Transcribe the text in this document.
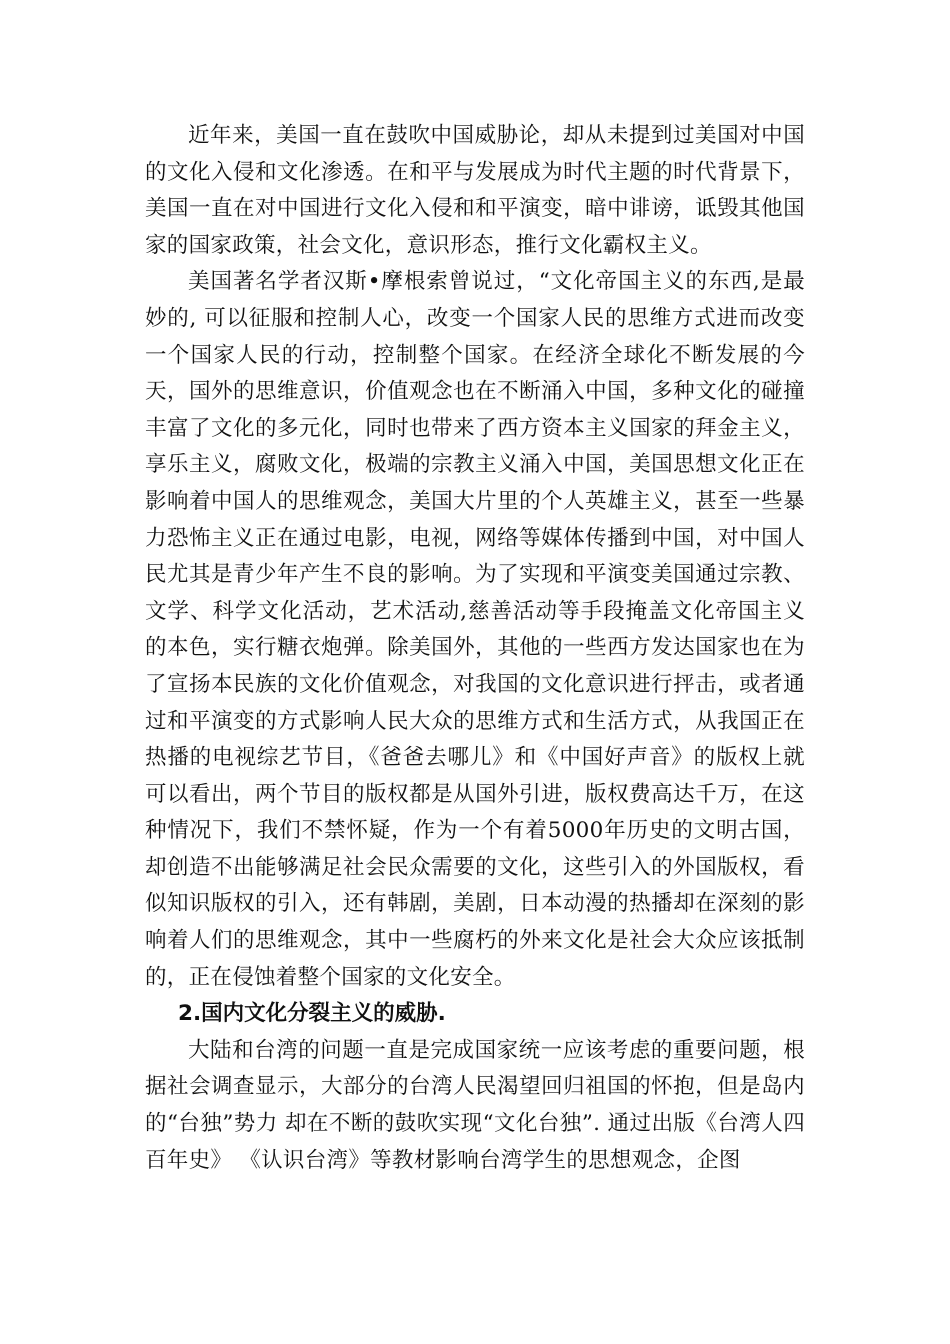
近年来，美国一直在鼓吹中国威胁论，却从未提到过美国对中国的文化入侵和文化渗透。在和平与发展成为时代主题的时代背景下，美国一直在对中国进行文化入侵和和平演变，暗中诽谤，诋毁其他国家的国家政策，社会文化，意识形态，推行文化霸权主义。

美国著名学者汉斯•摩根索曾说过，“文化帝国主义的东西,是最妙的, 可以征服和控制人心，改变一个国家人民的思维方式进而改变一个国家人民的行动，控制整个国家。在经济全球化不断发展的今天，国外的思维意识，价值观念也在不断涌入中国，多种文化的碰撞丰富了文化的多元化，同时也带来了西方资本主义国家的拜金主义，享乐主义，腐败文化，极端的宗教主义涌入中国，美国思想文化正在影响着中国人的思维观念，美国大片里的个人英雄主义，甚至一些暴力恐怖主义正在通过电影，电视，网络等媒体传播到中国，对中国人民尤其是青少年产生不良的影响。为了实现和平演变美国通过宗教、文学、科学文化活动，艺术活动,慈善活动等手段掩盖文化帝国主义的本色，实行糖衣炮弹。除美国外，其他的一些西方发达国家也在为了宣扬本民族的文化价值观念，对我国的文化意识进行抨击，或者通过和平演变的方式影响人民大众的思维方式和生活方式，从我国正在热播的电视综艺节目，《爸爸去哪儿》和《中国好声音》的版权上就可以看出，两个节目的版权都是从国外引进，版权费高达千万，在这种情况下，我们不禁怀疑，作为一个有着5000年历史的文明古国，却创造不出能够满足社会民众需要的文化，这些引入的外国版权，看似知识版权的引入，还有韩剧，美剧，日本动漫的热播却在深刻的影响着人们的思维观念，其中一些腐朽的外来文化是社会大众应该抵制的，正在侵蚀着整个国家的文化安全。

2.国内文化分裂主义的威胁.

大陆和台湾的问题一直是完成国家统一应该考虑的重要问题，根据社会调查显示，大部分的台湾人民渴望回归祖国的怀抱，但是岛内的“台独”势力 却在不断的鼓吹实现“文化台独”. 通过出版《台湾人四百年史》 《认识台湾》等教材影响台湾学生的思想观念，企图
